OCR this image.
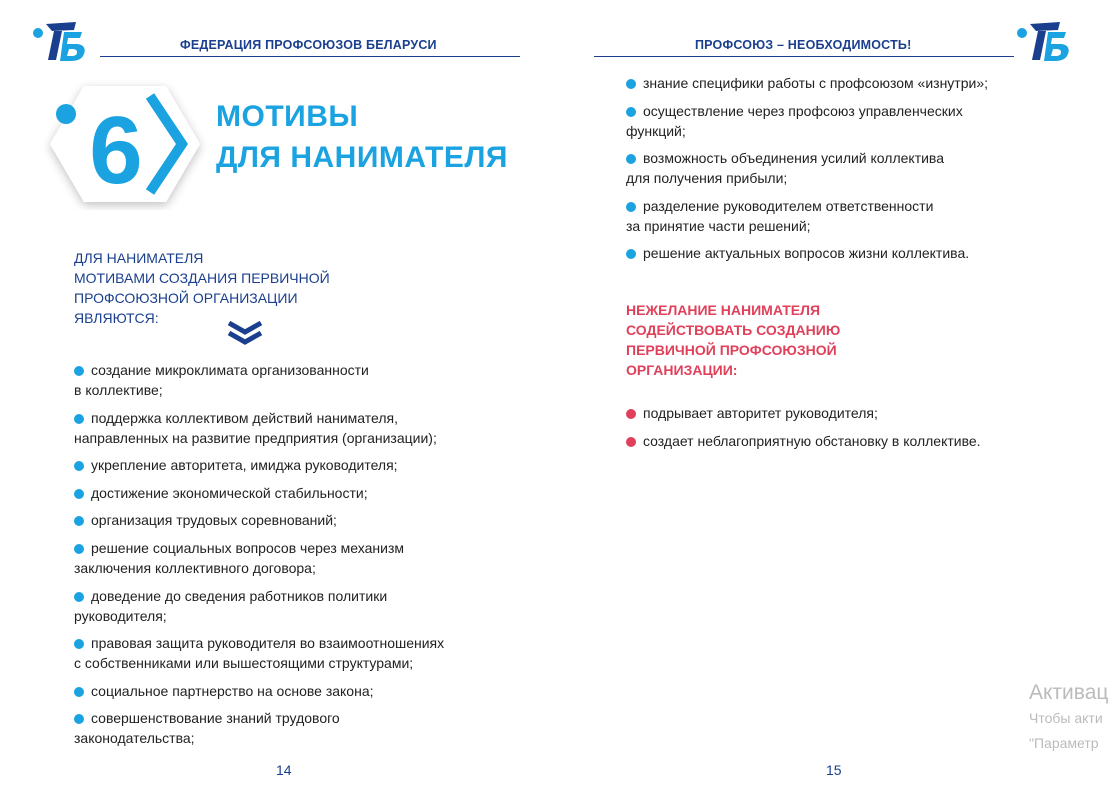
ФЕДЕРАЦИЯ ПРОФСОЮЗОВ БЕЛАРУСИ
6 МОТИВЫ
ДЛЯ НАНИМАТЕЛЯ
ДЛЯ НАНИМАТЕЛЯ
МОТИВАМИ СОЗДАНИЯ ПЕРВИЧНОЙ
ПРОФСОЮЗНОЙ ОРГАНИЗАЦИИ
ЯВЛЯЮТСЯ:
создание микроклимата организованности
в коллективе;
поддержка коллективом действий нанимателя,
направленных на развитие предприятия (организации);
укрепление авторитета, имиджа руководителя;
достижение экономической стабильности;
организация трудовых соревнований;
решение социальных вопросов через механизм
заключения коллективного договора;
доведение до сведения работников политики
руководителя;
правовая защита руководителя во взаимоотношениях
с собственниками или вышестоящими структурами;
социальное партнерство на основе закона;
совершенствование знаний трудового
законодательства;
14
ПРОФСОЮЗ – НЕОБХОДИМОСТЬ!
знание специфики работы с профсоюзом «изнутри»;
осуществление через профсоюз управленческих
функций;
возможность объединения усилий коллектива
для получения прибыли;
разделение руководителем ответственности
за принятие части решений;
решение актуальных вопросов жизни коллектива.
НЕЖЕЛАНИЕ НАНИМАТЕЛЯ
СОДЕЙСТВОВАТЬ СОЗДАНИЮ
ПЕРВИЧНОЙ ПРОФСОЮЗНОЙ
ОРГАНИЗАЦИИ:
подрывает авторитет руководителя;
создает неблагоприятную обстановку в коллективе.
15
Активац
Чтобы акти
"Параметр
